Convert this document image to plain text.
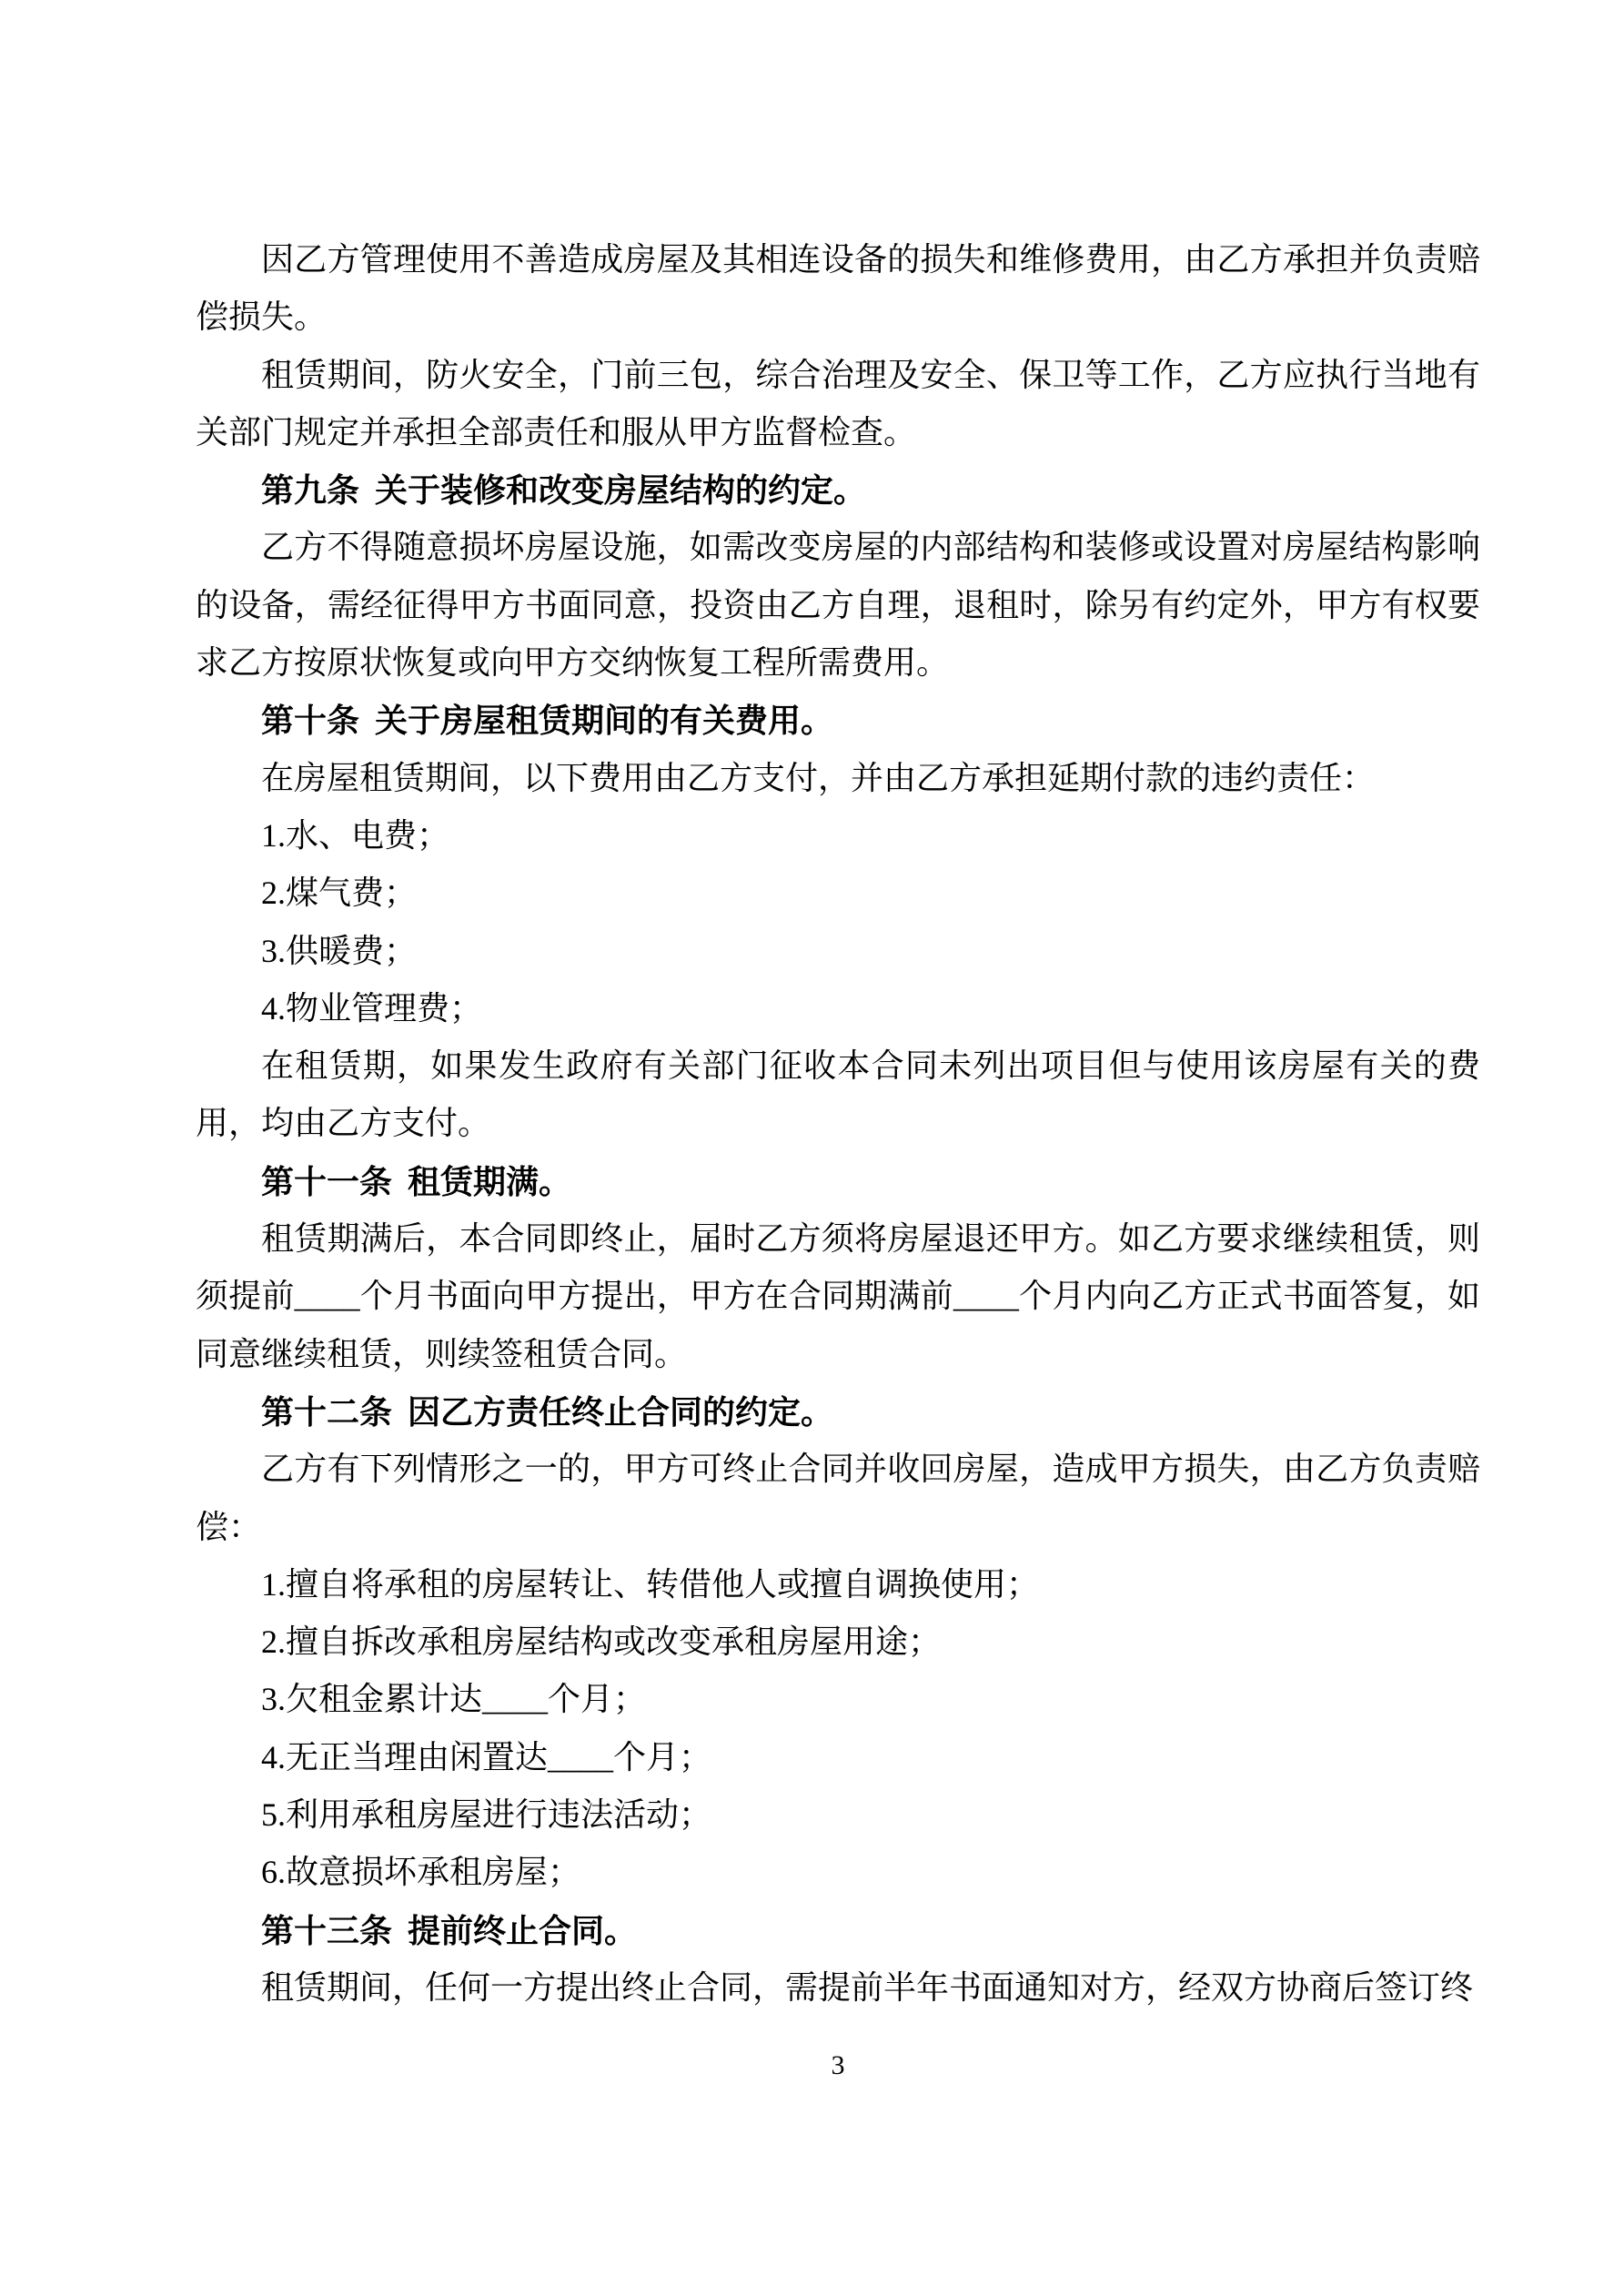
因乙方管理使用不善造成房屋及其相连设备的损失和维修费用，由乙方承担并负责赔偿损失。

租赁期间，防火安全，门前三包，综合治理及安全、保卫等工作，乙方应执行当地有关部门规定并承担全部责任和服从甲方监督检查。

第九条 关于装修和改变房屋结构的约定。

乙方不得随意损坏房屋设施，如需改变房屋的内部结构和装修或设置对房屋结构影响的设备，需经征得甲方书面同意，投资由乙方自理，退租时，除另有约定外，甲方有权要求乙方按原状恢复或向甲方交纳恢复工程所需费用。

第十条 关于房屋租赁期间的有关费用。

在房屋租赁期间，以下费用由乙方支付，并由乙方承担延期付款的违约责任：

1.水、电费；

2.煤气费；

3.供暖费；

4.物业管理费；

在租赁期，如果发生政府有关部门征收本合同未列出项目但与使用该房屋有关的费用，均由乙方支付。

第十一条 租赁期满。

租赁期满后，本合同即终止，届时乙方须将房屋退还甲方。如乙方要求继续租赁，则须提前____个月书面向甲方提出，甲方在合同期满前____个月内向乙方正式书面答复，如同意继续租赁，则续签租赁合同。

第十二条 因乙方责任终止合同的约定。

乙方有下列情形之一的，甲方可终止合同并收回房屋，造成甲方损失，由乙方负责赔偿：

1.擅自将承租的房屋转让、转借他人或擅自调换使用；

2.擅自拆改承租房屋结构或改变承租房屋用途；

3.欠租金累计达____个月；

4.无正当理由闲置达____个月；

5.利用承租房屋进行违法活动；

6.故意损坏承租房屋；

第十三条 提前终止合同。

租赁期间，任何一方提出终止合同，需提前半年书面通知对方，经双方协商后签订终

3
